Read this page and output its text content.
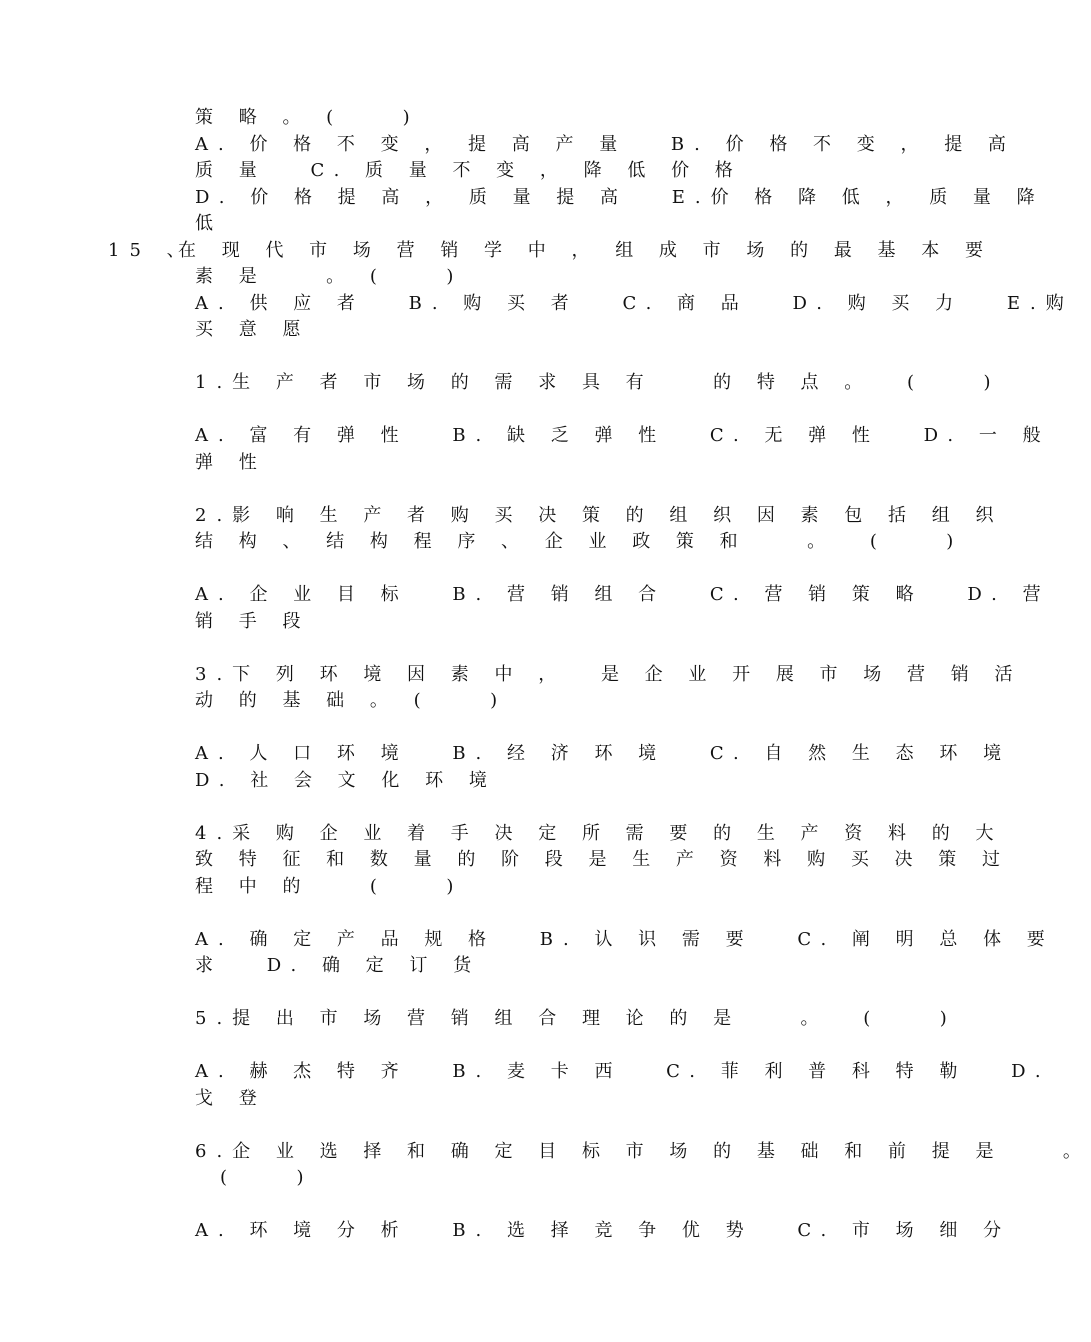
策 略 。 ( 　 )
A. 价 格 不 变 ， 提 高 产 量 　B. 价 格 不 变 ， 提 高
质 量 　C. 质 量 不 变 ， 降 低 价 格
D. 价 格 提 高 ， 质 量 提 高 　E.价 格 降 低 ， 质 量 降
低
15 、
在 现 代 市 场 营 销 学 中 ， 组 成 市 场 的 最 基 本 要
素 是 　 。 ( 　 )
A. 供 应 者 　B. 购 买 者 　C. 商 品 　D. 购 买 力 　E.购
买 意 愿
1.生 产 者 市 场 的 需 求 具 有 　 的 特 点 。　 ( 　 )
A. 富 有 弹 性 　B. 缺 乏 弹 性 　C. 无 弹 性 　D. 一 般
弹 性
2.影 响 生 产 者 购 买 决 策 的 组 织 因 素 包 括 组 织
结 构 、 结 构 程 序 、 企 业 政 策 和 　 。　 ( 　 )
A. 企 业 目 标 　B. 营 销 组 合 　C. 营 销 策 略 　D. 营
销 手 段
3.下 列 环 境 因 素 中 ，　 是 企 业 开 展 市 场 营 销 活
动 的 基 础 。 ( 　 )
A. 人 口 环 境 　B. 经 济 环 境 　C. 自 然 生 态 环 境
D. 社 会 文 化 环 境
4.采 购 企 业 着 手 决 定 所 需 要 的 生 产 资 料 的 大
致 特 征 和 数 量 的 阶 段 是 生 产 资 料 购 买 决 策 过
程 中 的 　 ( 　 )
A. 确 定 产 品 规 格 　B. 认 识 需 要 　C. 阐 明 总 体 要
求 　D. 确 定 订 货
5.提 出 市 场 营 销 组 合 理 论 的 是 　 。　 ( 　 )
A. 赫 杰 特 齐 　B. 麦 卡 西 　C. 菲 利 普 科 特 勒 　D.
戈 登
6.企 业 选 择 和 确 定 目 标 市 场 的 基 础 和 前 提 是 　 。
( 　 )
A. 环 境 分 析 　B. 选 择 竞 争 优 势 　C. 市 场 细 分
